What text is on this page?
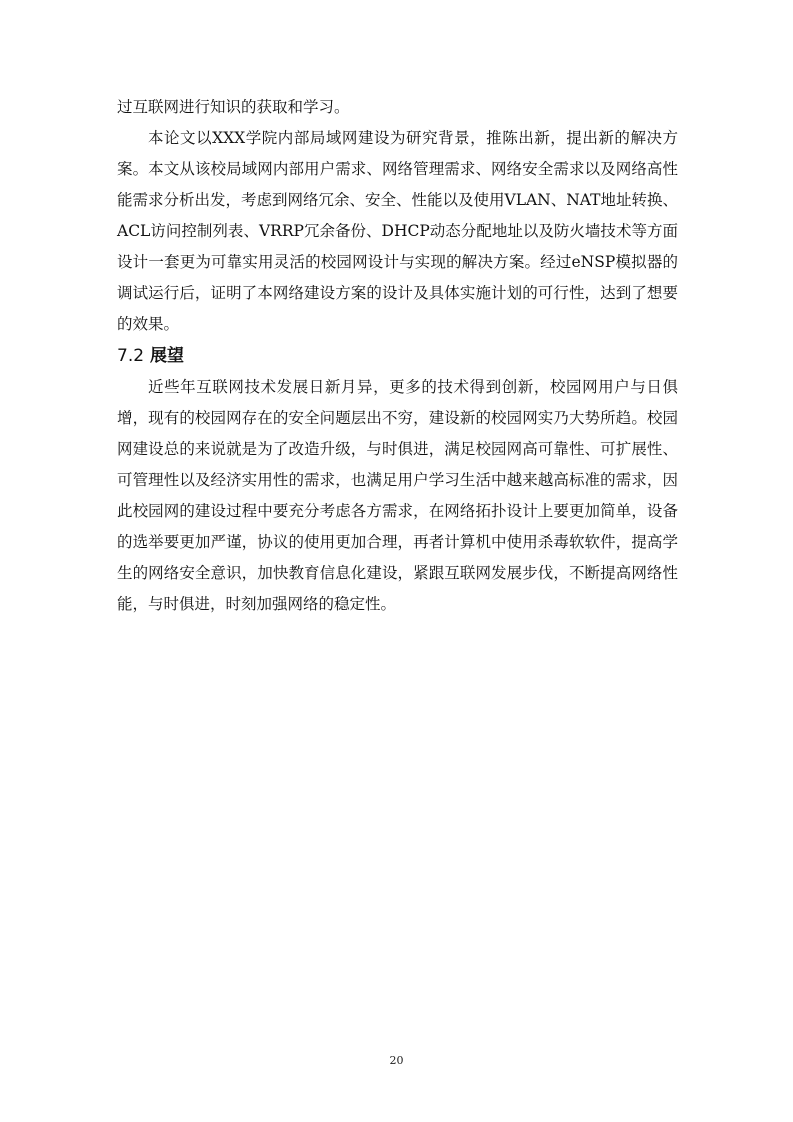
过互联网进行知识的获取和学习。

本论文以XXX学院内部局域网建设为研究背景，推陈出新，提出新的解决方案。本文从该校局域网内部用户需求、网络管理需求、网络安全需求以及网络高性能需求分析出发，考虑到网络冗余、安全、性能以及使用VLAN、NAT地址转换、ACL访问控制列表、VRRP冗余备份、DHCP动态分配地址以及防火墙技术等方面设计一套更为可靠实用灵活的校园网设计与实现的解决方案。经过eNSP模拟器的调试运行后，证明了本网络建设方案的设计及具体实施计划的可行性，达到了想要的效果。

7.2 展望

近些年互联网技术发展日新月异，更多的技术得到创新，校园网用户与日俱增，现有的校园网存在的安全问题层出不穷，建设新的校园网实乃大势所趋。校园网建设总的来说就是为了改造升级，与时俱进，满足校园网高可靠性、可扩展性、可管理性以及经济实用性的需求，也满足用户学习生活中越来越高标准的需求，因此校园网的建设过程中要充分考虑各方需求，在网络拓扑设计上要更加简单，设备的选举要更加严谨，协议的使用更加合理，再者计算机中使用杀毒软软件，提高学生的网络安全意识，加快教育信息化建设，紧跟互联网发展步伐，不断提高网络性能，与时俱进，时刻加强网络的稳定性。

20
